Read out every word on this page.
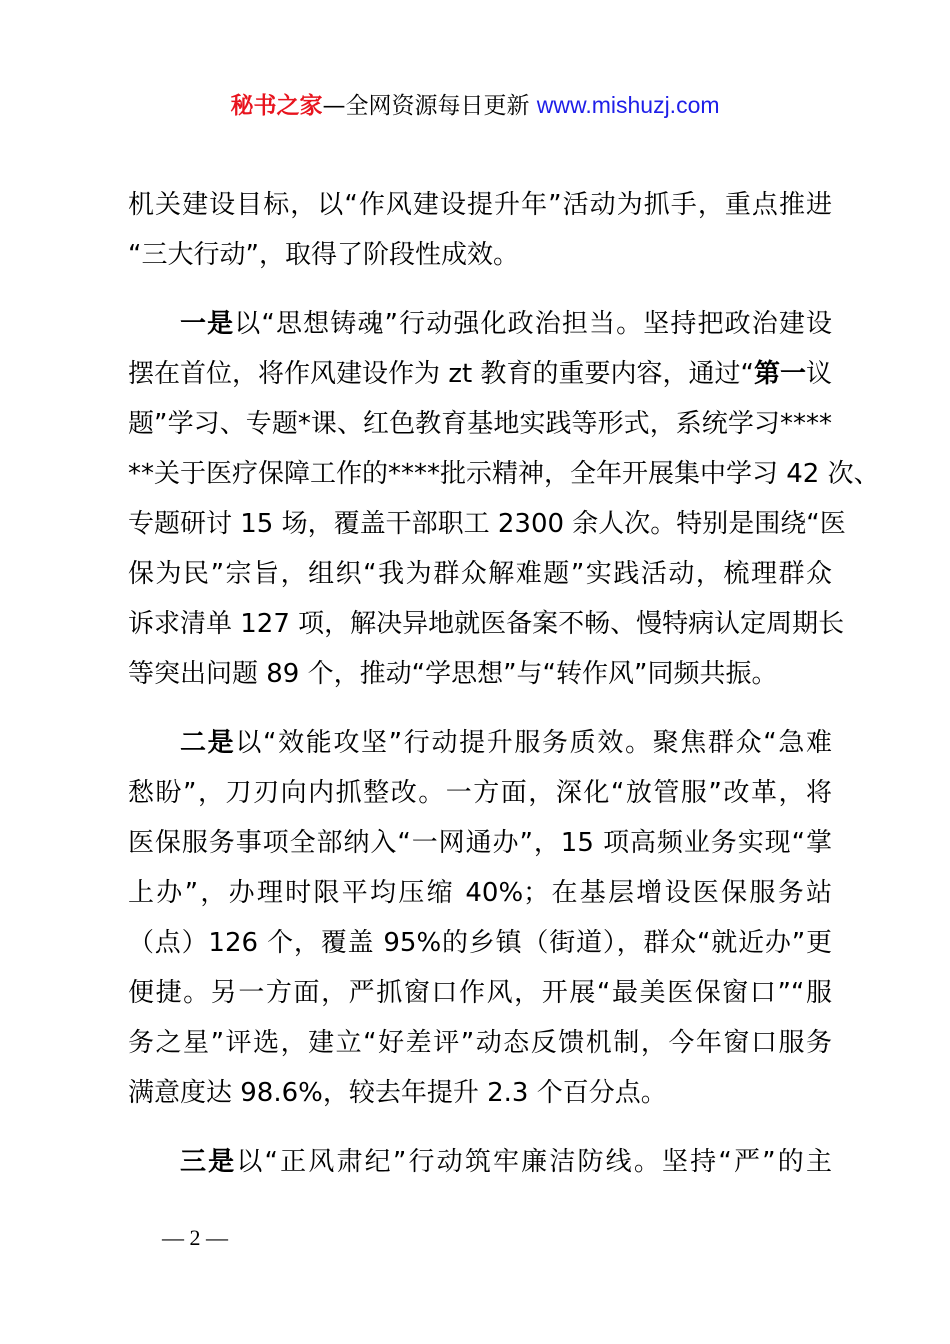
秘书之家—全网资源每日更新 www.mishuzj.com
机关建设目标，以“作风建设提升年”活动为抓手，重点推进
“三大行动”，取得了阶段性成效。
一是以“思想铸魂”行动强化政治担当。坚持把政治建设
摆在首位，将作风建设作为 zt 教育的重要内容，通过“第一议
题”学习、专题*课、红色教育基地实践等形式，系统学习****
**关于医疗保障工作的****批示精神，全年开展集中学习 42 次、
专题研讨 15 场，覆盖干部职工 2300 余人次。特别是围绕“医
保为民”宗旨，组织“我为群众解难题”实践活动，梳理群众
诉求清单 127 项，解决异地就医备案不畅、慢特病认定周期长
等突出问题 89 个，推动“学思想”与“转作风”同频共振。
二是以“效能攻坚”行动提升服务质效。聚焦群众“急难
愁盼”，刀刃向内抓整改。一方面，深化“放管服”改革，将
医保服务事项全部纳入“一网通办”，15 项高频业务实现“掌
上办”，办理时限平均压缩 40%；在基层增设医保服务站
（点）126 个，覆盖 95%的乡镇（街道），群众“就近办”更
便捷。另一方面，严抓窗口作风，开展“最美医保窗口”“服
务之星”评选，建立“好差评”动态反馈机制，今年窗口服务
满意度达 98.6%，较去年提升 2.3 个百分点。
三是以“正风肃纪”行动筑牢廉洁防线。坚持“严”的主
— 2 —
